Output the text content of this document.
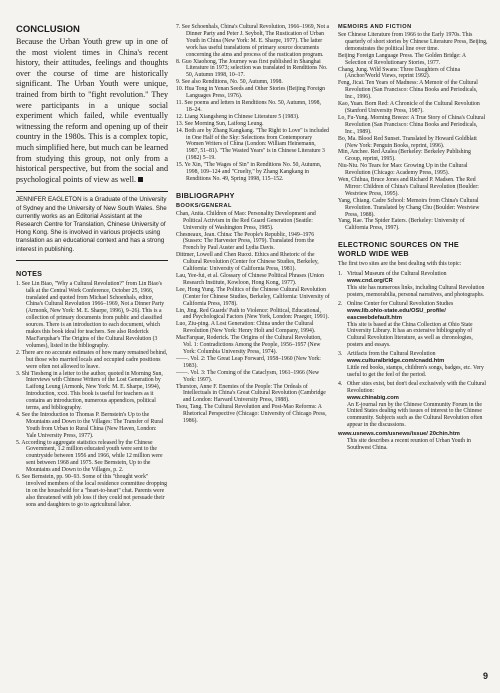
CONCLUSION

Because the Urban Youth grew up in one of the most violent times in China's recent history, their attitudes, feelings and thoughts over the course of time are historically significant. The Urban Youth were unique, trained from birth to "fight revolution." They were participants in a unique social experiment which failed, while eventually witnessing the reform and opening up of their country in the 1980s. This is a complex topic, much simplified here, but much can be learned from studying this group, not only from a historical perspective, but from the social and psychological points of view as well.

JENNIFER EAGLETON is a Graduate of the University of Sydney and the University of New South Wales. She currently works as an Editorial Assistant at the Research Centre for Translation, Chinese University of Hong Kong. She is involved in various projects using translation as an educational context and has a strong interest in publishing.

NOTES

1. See Lin Biao, "Why a Cultural Revolution?" from Lin Biao's talk at the Central Work Conference, October 25, 1966, translated and quoted from Michael Schoenhals, editor, China's Cultural Revolution 1966–1969, Not a Dinner Party (Armonk, New York: M. E. Sharpe, 1996), 9–26). This is a collection of primary documents from public and classified sources. There is an introduction to each document, which makes this book ideal for teachers. See also Roderick MacFarquhar's The Origins of the Cultural Revolution (3 volumes), listed in the bibliography.

2. There are no accurate estimates of how many remained behind, but those who married locals and occupied cadre positions were often not allowed to leave.

3. Shi Tiesheng in a letter to the author, quoted in Morning Sun, Interviews with Chinese Writers of the Lost Generation by Laifong Leung (Armonk, New York: M. E. Sharpe, 1994), Introduction, xxxi. This book is useful for teachers as it contains an introduction, numerous appendices, political terms, and bibliography.

4. See the Introduction to Thomas P. Bernstein's Up to the Mountains and Down to the Villages: The Transfer of Rural Youth from Urban to Rural China (New Haven, London: Yale University Press, 1977).

5. According to aggregate statistics released by the Chinese Government, 1.2 million educated youth were sent to the countryside between 1956 and 1966, while 12 million were sent between 1968 and 1975. See Bernstein, Up to the Mountains and Down to the Villages, p. 2.

6. See Bernstein, pp. 90–93. Some of this "thought work" involved members of the local residence committee dropping in on the household for a "heart-to-heart" chat. Parents were also threatened with job loss if they could not persuade their sons and daughters to go to agricultural labor.

7. See Schoenhals, China's Cultural Revolution, 1966–1969, Not a Dinner Party and Peter J. Seybolt, The Rustication of Urban Youth in China (New York: M. E. Sharpe, 1977). The latter work has useful translations of primary source documents concerning the aims and process of the rustication program.

8. Guo Xiaohong, The Journey was first published in Shanghai Literature in 1973; selection was translated in Renditions No. 50, Autumn 1998, 10–17.

9. See also Renditions, No. 50, Autumn, 1998.

10. Hua Tong in Yenan Seeds and Other Stories (Beijing Foreign Languages Press, 1976).

11. See poems and letters in Renditions No. 50, Autumn, 1998, 18–24.

12. Liang Xiangsheng in Chinese Literature 5 (1983).

13. See Morning Sun, Laifong Leung.

14. Both are by Zhang Kangkang. "The Right to Love" is included in One Half of the Sky: Selections from Contemporary Women Writers of China (London: William Heinemann, 1987, 51–81). "The Wasted Years" is in Chinese Literature 3 (1982) 5–19.

15. Ye Xin, "The Wages of Sin" in Renditions No. 50, Autumn, 1998, 109–124 and "Cruelty," by Zhang Kangkang in Renditions No. 49, Spring 1998, 115–152.

BIBLIOGRAPHY
BOOKS/GENERAL

Chan, Anita. Children of Mao: Personality Development and Political Activism in the Red Guard Generation (Seattle: University of Washington Press, 1985).

Chesneaux, Jean. China: The People's Republic, 1949–1976 (Sussex: The Harvester Press, 1979). Translated from the French by Paul Auster and Lydia Davis.

Dittmer, Lowell and Chen Ruoxi. Ethics and Rhetoric of the Cultural Revolution (Center for Chinese Studies, Berkeley, California: University of California Press, 1981).

Lau, Yee-fui, et al. Glossary of Chinese Political Phrases (Union Research Institute, Kowloon, Hong Kong, 1977).

Lee, Hong Yung. The Politics of the Chinese Cultural Revolution (Center for Chinese Studies, Berkeley, California: University of California Press, 1978).

Lin, Jing. Red Guards' Path to Violence: Political, Educational, and Psychological Factors (New York, London: Praeger, 1991).

Luo, Ziu-ping. A Lost Generation: China under the Cultural Revolution (New York: Henry Holt and Company, 1994).

MacFarquar, Roderick. The Origins of the Cultural Revolution, Vol. 1: Contradictions Among the People, 1956–1957 (New York: Columbia University Press, 1974).

——. Vol. 2: The Great Leap Forward, 1958–1960 (New York: 1983).

——. Vol. 3: The Coming of the Cataclysm, 1961–1966 (New York: 1997).

Thurston, Anne F. Enemies of the People: The Ordeals of Intellectuals in China's Great Cultural Revolution (Cambridge and London: Harvard University Press, 1988).

Tsou, Tang. The Cultural Revolution and Post-Mao Reforms: A Rhetorical Perspective (Chicago: University of Chicago Press, 1986).

MEMOIRS AND FICTION

See Chinese Literature from 1966 to the Early 1970s. This quarterly of short stories by Chinese Literature Press, Beijing, demonstrates the political line over time.

Beijing Foreign Language Press. The Golden Bridge: A Selection of Revolutionary Stories, 1977.

Chang, Jung. Wild Swans: Three Daughters of China (Anchor/World Views, reprint 1992).

Feng, Jicai. Ten Years of Madness: A Memoir of the Cultural Revolution (San Francisco: China Books and Periodicals, Inc., 1996).

Kao, Yuan. Born Red: A Chronicle of the Cultural Revolution (Stanford University Press, 1987).

Lo, Fu-Yung. Morning Breeze: A True Story of China's Cultural Revolution (San Francisco: China Books and Periodicals, Inc., 1989).

Bo, Ma. Blood Red Sunset. Translated by Howard Goldblatt (New York: Penguin Books, reprint, 1996).

Min, Anchee. Red Azalea (Berkeley: Berkeley Publishing Group, reprint, 1995).

Niu-Niu. No Tears for Mao: Growing Up in the Cultural Revolution (Chicago: Academy Press, 1995).

Wen, Chihua, Bruce Jones and Richard P. Madsen. The Red Mirror: Children of China's Cultural Revolution (Boulder: Westview Press, 1995).

Yang, Chiang. Cadre School: Memoirs from China's Cultural Revolution. Translated by Chang Chu (Boulder: Westview Press, 1988).

Yang, Rae. The Spider Eaters. (Berkeley: University of California Press, 1997).

ELECTRONIC SOURCES ON THE WORLD WIDE WEB

The first two sites are the best dealing with this topic:

1. Virtual Museum of the Cultural Revolution
www.cnd.org/CR
This site has numerous links, including Cultural Revolution posters, memorabilia, personal narratives, and photographs.
2. Online Center for Cultural Revolution Studies
www.lib.ohio-state.edu/OSU_profile/ eascwebdefault.htm
This site is based at the China Collection at Ohio State University Library. It has an extensive bibliography of Cultural Revolution literature, as well as chronologies, posters and essays.
3. Artifacts from the Cultural Revolution
www.culturalbridge.com/cnadd.htm
Little red books, stamps, children's songs, badges, etc. Very useful to get the feel of the period.
4. Other sites exist, but don't deal exclusively with the Cultural Revolution:
www.chinabig.com
An E-journal run by the Chinese Community Forum in the United States dealing with issues of interest to the Chinese community. Subjects such as the Cultural Revolution often appear in the discussions.
www.usnews.com/usnews/issue/ 20chin.htm
This site describes a recent reunion of Urban Youth in Southwest China.
9
